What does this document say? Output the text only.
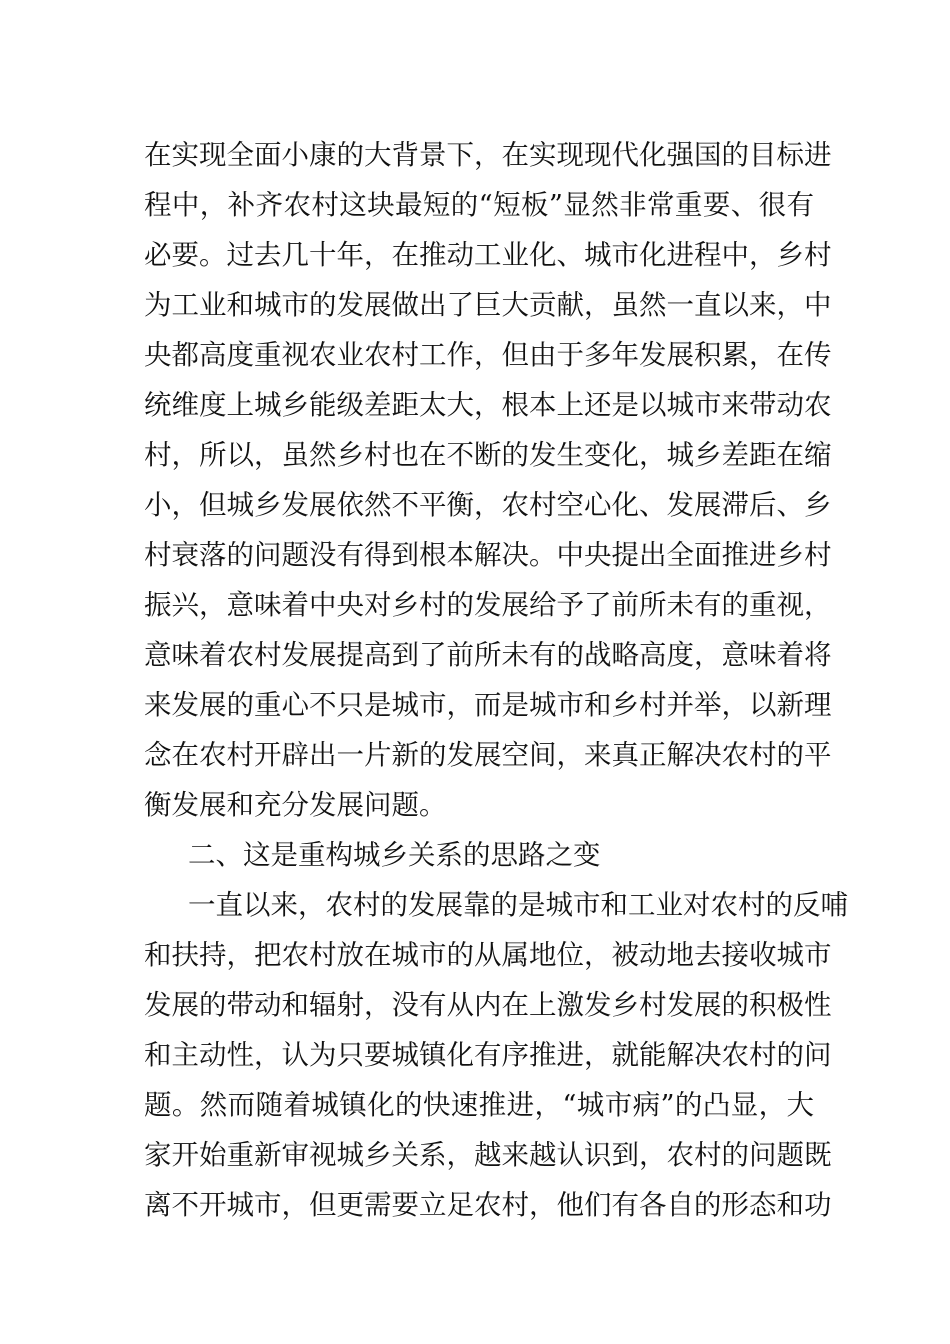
在实现全面小康的大背景下，在实现现代化强国的目标进
程中，补齐农村这块最短的“短板”显然非常重要、很有
必要。过去几十年，在推动工业化、城市化进程中，乡村
为工业和城市的发展做出了巨大贡献，虽然一直以来，中
央都高度重视农业农村工作，但由于多年发展积累，在传
统维度上城乡能级差距太大，根本上还是以城市来带动农
村，所以，虽然乡村也在不断的发生变化，城乡差距在缩
小，但城乡发展依然不平衡，农村空心化、发展滞后、乡
村衰落的问题没有得到根本解决。中央提出全面推进乡村
振兴，意味着中央对乡村的发展给予了前所未有的重视，
意味着农村发展提高到了前所未有的战略高度，意味着将
来发展的重心不只是城市，而是城市和乡村并举，以新理
念在农村开辟出一片新的发展空间，来真正解决农村的平
衡发展和充分发展问题。
二、这是重构城乡关系的思路之变
一直以来，农村的发展靠的是城市和工业对农村的反哺
和扶持，把农村放在城市的从属地位，被动地去接收城市
发展的带动和辐射，没有从内在上激发乡村发展的积极性
和主动性，认为只要城镇化有序推进，就能解决农村的问
题。然而随着城镇化的快速推进，“城市病”的凸显，大
家开始重新审视城乡关系，越来越认识到，农村的问题既
离不开城市，但更需要立足农村，他们有各自的形态和功
